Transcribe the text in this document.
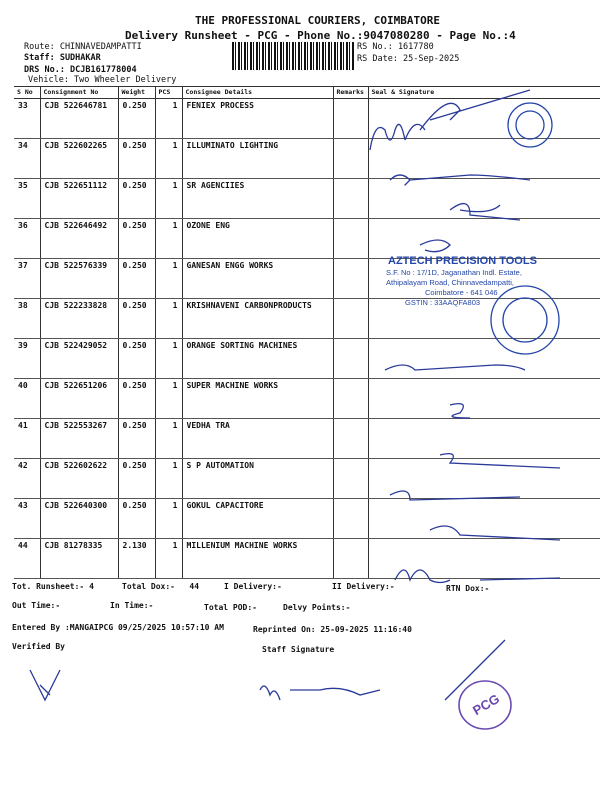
THE PROFESSIONAL COURIERS, COIMBATORE
Delivery Runsheet - PCG - Phone No.:9047080280 - Page No.:4
Route: CHINNAVEDAMPATTI
Staff: SUDHAKAR
DRS No.: DCJB161778004
Vehicle: Two Wheeler Delivery
RS No.: 1617780
RS Date: 25-Sep-2025
S No	Consignment No	Weight	PCS	Consignee Details	Remarks	Seal & Signature
33	CJB 522646781	0.250	1	FENIEX PROCESS		
34	CJB 522602265	0.250	1	ILLUMINATO LIGHTING		
35	CJB 522651112	0.250	1	SR AGENCIIES		
36	CJB 522646492	0.250	1	OZONE ENG		
37	CJB 522576339	0.250	1	GANESAN ENGG WORKS		
38	CJB 522233828	0.250	1	KRISHNAVENI CARBONPRODUCTS		
39	CJB 522429052	0.250	1	ORANGE SORTING MACHINES		
40	CJB 522651206	0.250	1	SUPER MACHINE WORKS		
41	CJB 522553267	0.250	1	VEDHA TRA		
42	CJB 522602622	0.250	1	S P AUTOMATION		
43	CJB 522640300	0.250	1	GOKUL CAPACITORE		
44	CJB 81278335	2.130	1	MILLENIUM MACHINE WORKS		
AZTECH PRECISION TOOLS
S.F. No : 17/1D, Jaganathan Indl. Estate,
Athipalayam Road, Chinnavedampatti,
Coimbatore - 641 046
GSTIN : 33AAQFA803
PCG
Tot. Runsheet:- 4	Total Dox:-   44	I Delivery:-	II Delivery:-	RTN Dox:-
Out Time:-	In Time:-	Total POD:-	Delvy Points:-
Entered By :MANGAIPCG 09/25/2025 10:57:10 AM	Reprinted On: 25-09-2025 11:16:40
Verified By	Staff Signature
